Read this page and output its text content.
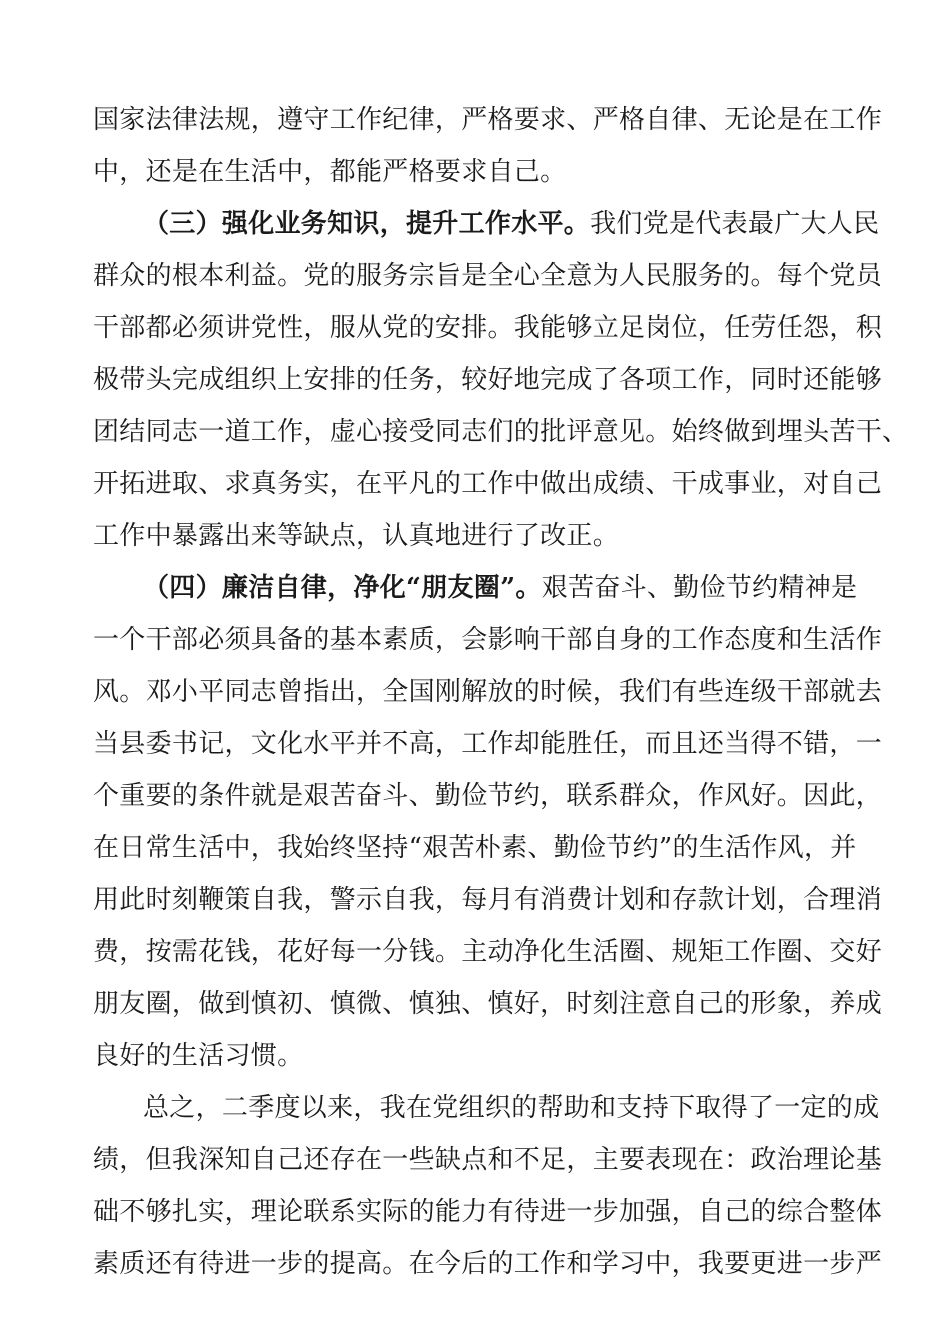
国家法律法规，遵守工作纪律，严格要求、严格自律、无论是在工作
中，还是在生活中，都能严格要求自己。
（三）强化业务知识，提升工作水平。我们党是代表最广大人民
群众的根本利益。党的服务宗旨是全心全意为人民服务的。每个党员
干部都必须讲党性，服从党的安排。我能够立足岗位，任劳任怨，积
极带头完成组织上安排的任务，较好地完成了各项工作，同时还能够
团结同志一道工作，虚心接受同志们的批评意见。始终做到埋头苦干、
开拓进取、求真务实，在平凡的工作中做出成绩、干成事业，对自己
工作中暴露出来等缺点，认真地进行了改正。
（四）廉洁自律，净化“朋友圈”。艰苦奋斗、勤俭节约精神是
一个干部必须具备的基本素质，会影响干部自身的工作态度和生活作
风。邓小平同志曾指出，全国刚解放的时候，我们有些连级干部就去
当县委书记，文化水平并不高，工作却能胜任，而且还当得不错，一
个重要的条件就是艰苦奋斗、勤俭节约，联系群众，作风好。因此，
在日常生活中，我始终坚持“艰苦朴素、勤俭节约”的生活作风，并
用此时刻鞭策自我，警示自我，每月有消费计划和存款计划，合理消
费，按需花钱，花好每一分钱。主动净化生活圈、规矩工作圈、交好
朋友圈，做到慎初、慎微、慎独、慎好，时刻注意自己的形象，养成
良好的生活习惯。
总之，二季度以来，我在党组织的帮助和支持下取得了一定的成
绩，但我深知自己还存在一些缺点和不足，主要表现在：政治理论基
础不够扎实，理论联系实际的能力有待进一步加强，自己的综合整体
素质还有待进一步的提高。在今后的工作和学习中，我要更进一步严
